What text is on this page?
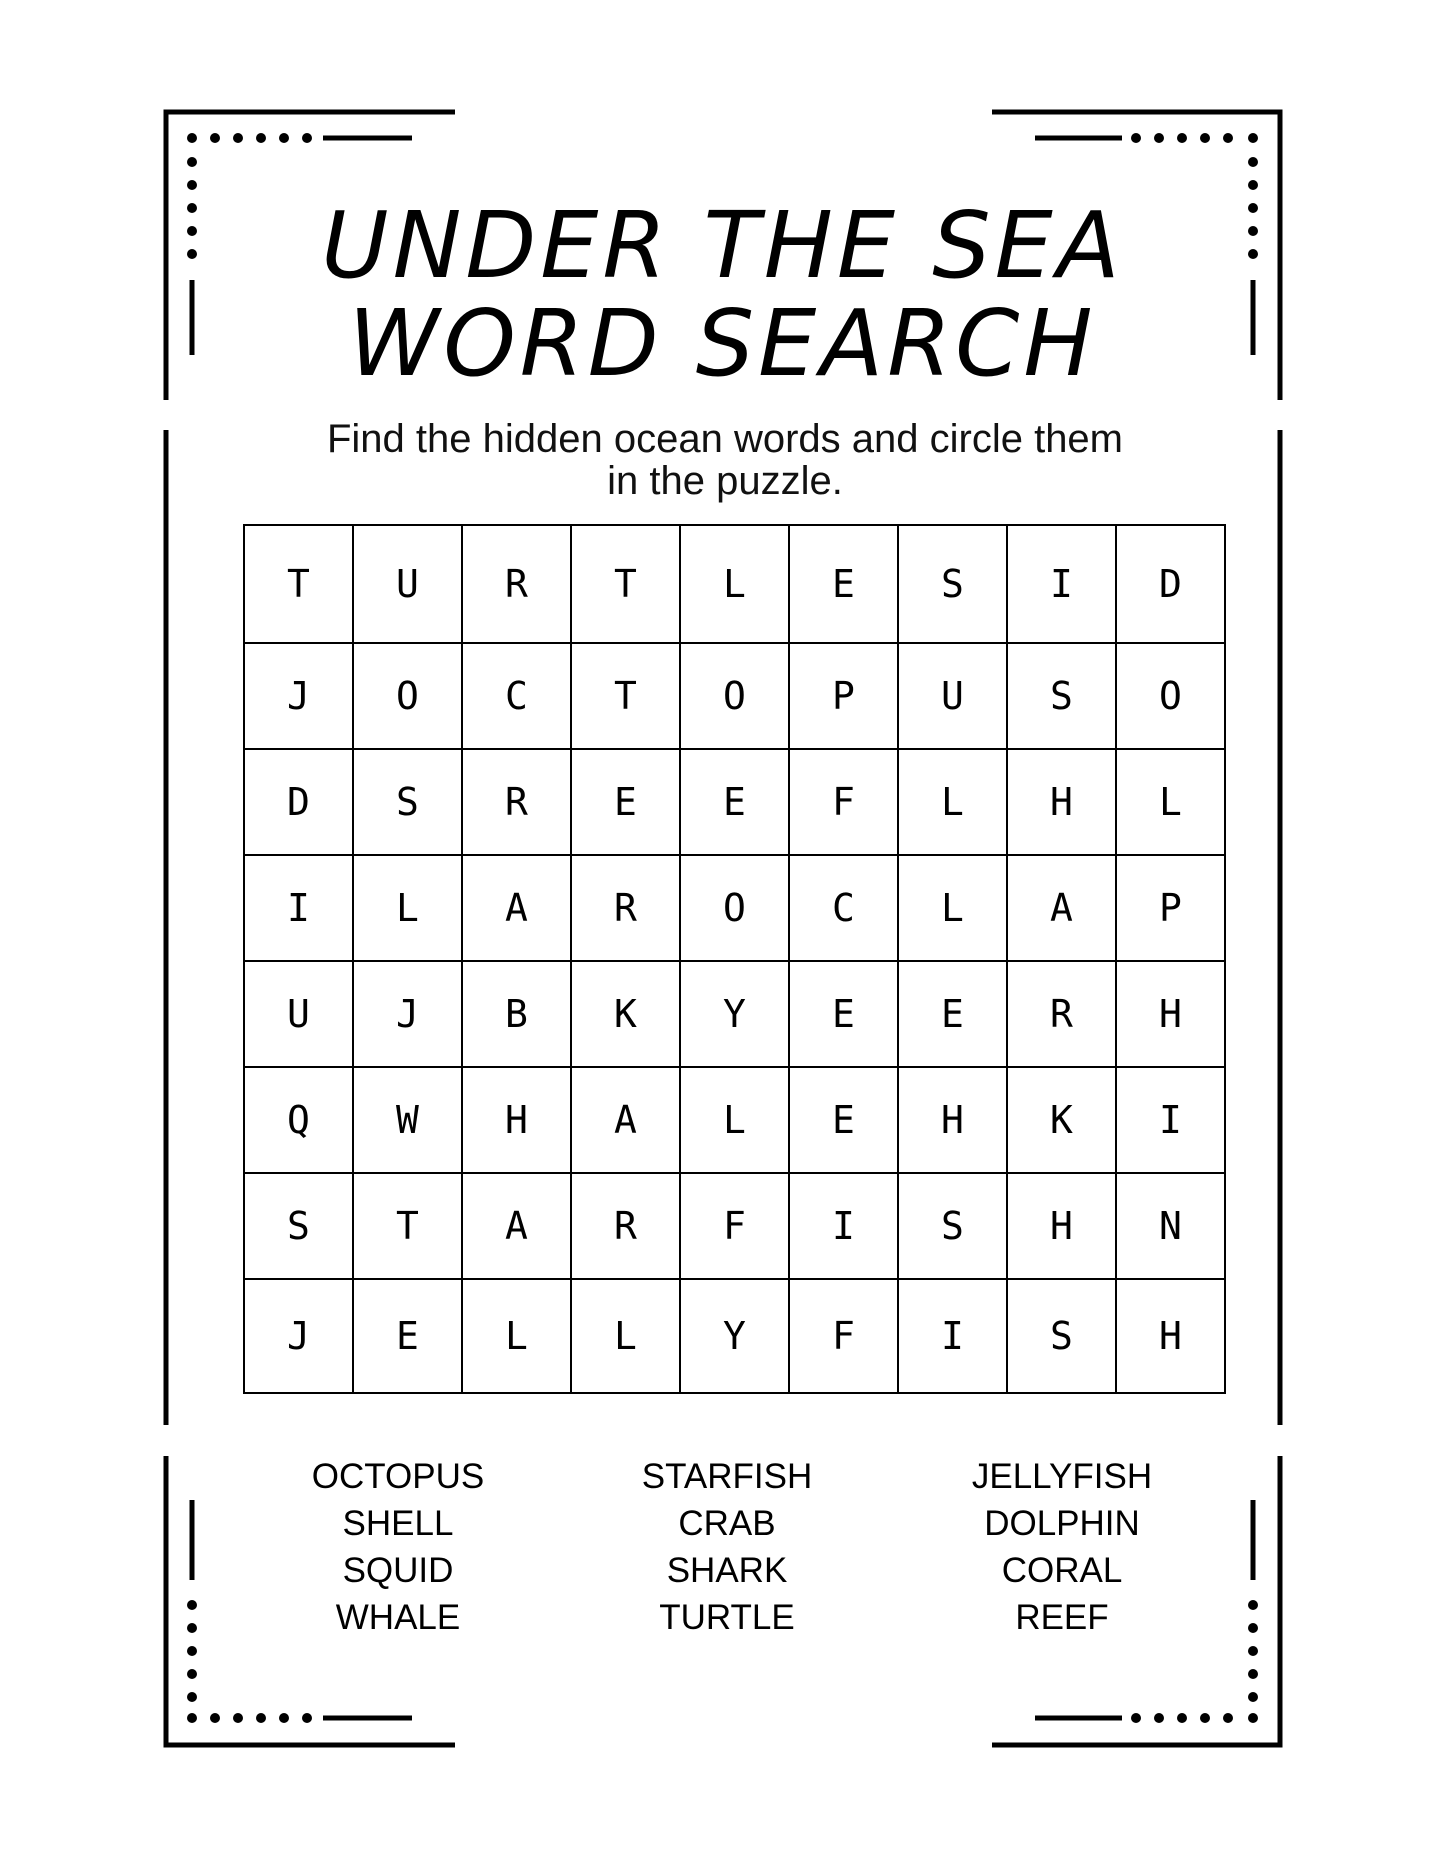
UNDER THE SEA
WORD SEARCH
Find the hidden ocean words and circle them
in the puzzle.
T	U	R	T	L	E	S	I	D
J	O	C	T	O	P	U	S	O
D	S	R	E	E	F	L	H	L
I	L	A	R	O	C	L	A	P
U	J	B	K	Y	E	E	R	H
Q	W	H	A	L	E	H	K	I
S	T	A	R	F	I	S	H	N
J	E	L	L	Y	F	I	S	H
OCTOPUS
SHELL
SQUID
WHALE
STARFISH
CRAB
SHARK
TURTLE
JELLYFISH
DOLPHIN
CORAL
REEF
